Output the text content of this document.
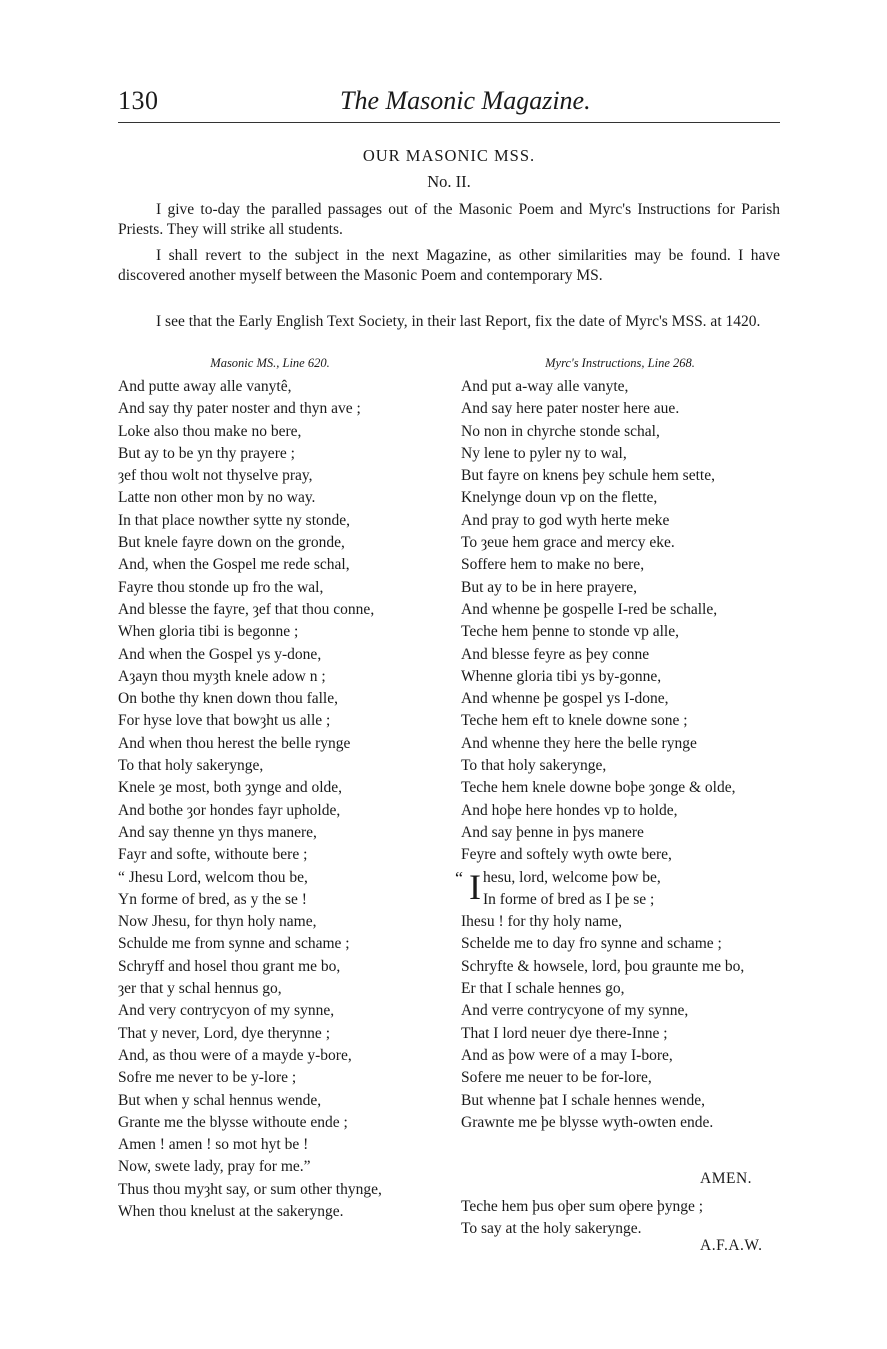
130	The Masonic Magazine.
OUR MASONIC MSS.
No. II.

I give to-day the paralled passages out of the Masonic Poem and Myrc's Instructions for Parish Priests. They will strike all students.

I shall revert to the subject in the next Magazine, as other similarities may be found. I have discovered another myself between the Masonic Poem and contemporary MS.

I see that the Early English Text Society, in their last Report, fix the date of Myrc's MSS. at 1420.

Masonic MS., Line 620.	Myrc's Instructions, Line 268.
And putte away alle vanytê,
And say thy pater noster and thyn ave ;
Loke also thou make no bere,
But ay to be yn thy prayere ;
ȝef thou wolt not thyselve pray,
Latte non other mon by no way.
In that place nowther sytte ny stonde,
But knele fayre down on the gronde,
And, when the Gospel me rede schal,
Fayre thou stonde up fro the wal,
And blesse the fayre, ȝef that thou conne,
When gloria tibi is begonne ;
And when the Gospel ys y-done,
Aȝayn thou myȝth knele adow n ;
On bothe thy knen down thou falle,
For hyse love that bowȝht us alle ;
And when thou herest the belle rynge
To that holy sakerynge,
Knele ȝe most, both ȝynge and olde,
And bothe ȝor hondes fayr upholde,
And say thenne yn thys manere,
Fayr and softe, withoute bere ;
“ Jhesu Lord, welcom thou be,
Yn forme of bred, as y the se !
Now Jhesu, for thyn holy name,
Schulde me from synne and schame ;
Schryff and hosel thou grant me bo,
ȝer that y schal hennus go,
And very contrycyon of my synne,
That y never, Lord, dye therynne ;
And, as thou were of a mayde y-bore,
Sofre me never to be y-lore ;
But when y schal hennus wende,
Grante me the blysse withoute ende ;
Amen ! amen ! so mot hyt be !
Now, swete lady, pray for me.”
Thus thou myȝht say, or sum other thynge,
When thou knelust at the sakerynge.
And put a-way alle vanyte,
And say here pater noster here aue.
No non in chyrche stonde schal,
Ny lene to pyler ny to wal,
But fayre on knens þey schule hem sette,
Knelynge doun vp on the flette,
And pray to god wyth herte meke
To ȝeue hem grace and mercy eke.
Soffere hem to make no bere,
But ay to be in here prayere,
And whenne þe gospelle I-red be schalle,
Teche hem þenne to stonde vp alle,
And blesse feyre as þey conne
Whenne gloria tibi ys by-gonne,
And whenne þe gospel ys I-done,
Teche hem eft to knele downe sone ;
And whenne they here the belle rynge
To that holy sakerynge,
Teche hem knele downe boþe ȝonge & olde,
And hoþe here hondes vp to holde,
And say þenne in þys manere
Feyre and softely wyth owte bere,
“ I hesu, lord, welcome þow be,
In forme of bred as I þe se ;
Ihesu ! for thy holy name,
Schelde me to day fro synne and schame ;
Schryfte & howsele, lord, þou graunte me bo,
Er that I schale hennes go,
And verre contrycyone of my synne,
That I lord neuer dye there-Inne ;
And as þow were of a may I-bore,
Sofere me neuer to be for-lore,
But whenne þat I schale hennes wende,
Grawnte me þe blysse wyth-owten ende.
AMEN.
Teche hem þus oþer sum oþere þynge ;
To say at the holy sakerynge.
A.F.A.W.
